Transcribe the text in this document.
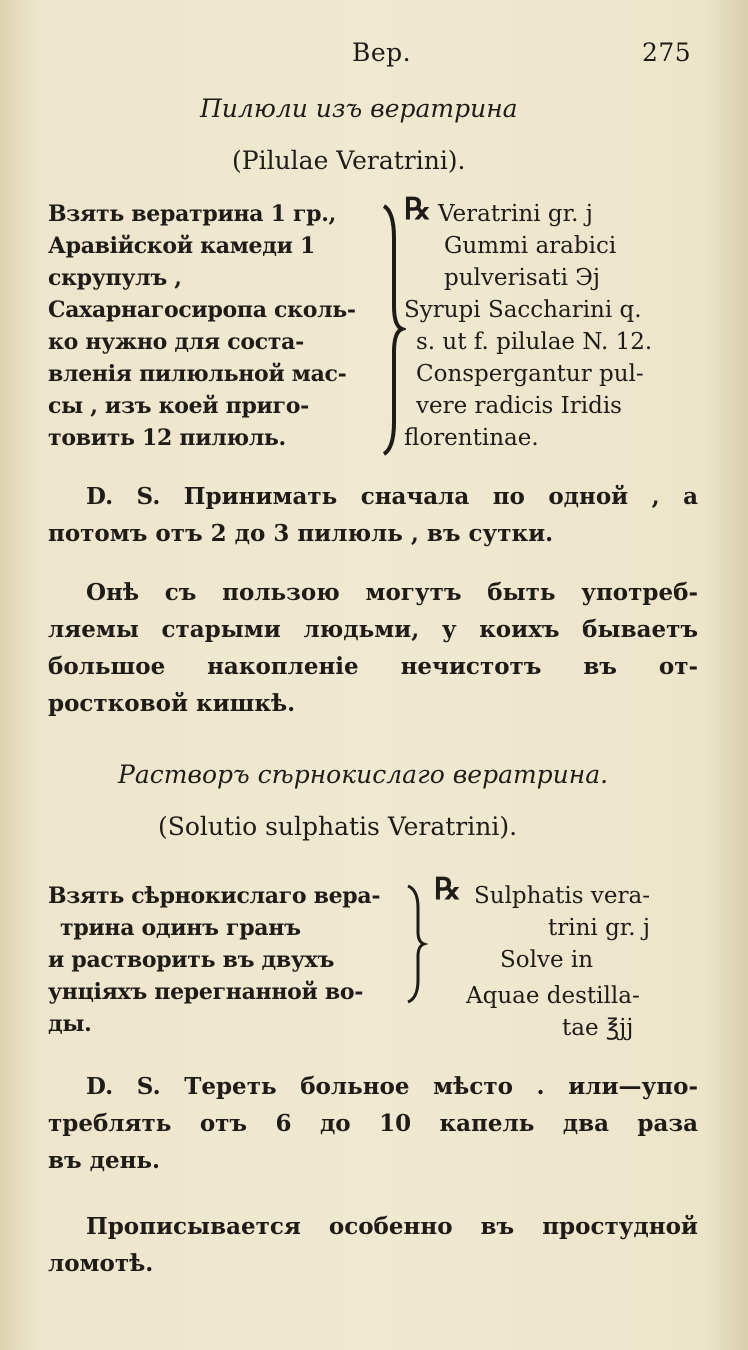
Вер.	275
Пилюли изъ вератрина
(Pilulae Veratrini).
Взять вератрина 1 гр.,
Аравійской камеди 1
скрупулъ ,
Сахарнагосиропа сколь-
ко нужно для соста-
вленія пилюльной мас-
сы , изъ коей приго-
товить 12 пилюль.
℞ Veratrini gr. j
Gummi arabici
pulverisati Эj
Syrupi Saccharini q.
s. ut f. pilulae N. 12.
Conspergantur pul-
vere radicis Iridis
florentinae.
D. S. Принимать сначала по одной , а
потомъ отъ 2 до 3 пилюль , въ сутки.
Онѣ съ пользою могутъ быть употреб-
ляемы старыми людьми, у коихъ бываетъ
большое накопленіе нечистотъ въ от-
ростковой кишкѣ.
Растворъ сѣрнокислаго вератрина.
(Solutio sulphatis Veratrini).
Взять сѣрнокислаго вера-
трина одинъ гранъ
и растворить въ двухъ
унціяхъ перегнанной во-
ды.
℞ Sulphatis vera-
trini gr. j
Solve in
Aquae destilla-
tae ℥jj
D. S. Тереть больное мѣсто . или—упо-
треблять отъ 6 до 10 капель два раза
въ день.
Прописывается особенно въ простудной
ломотѣ.
